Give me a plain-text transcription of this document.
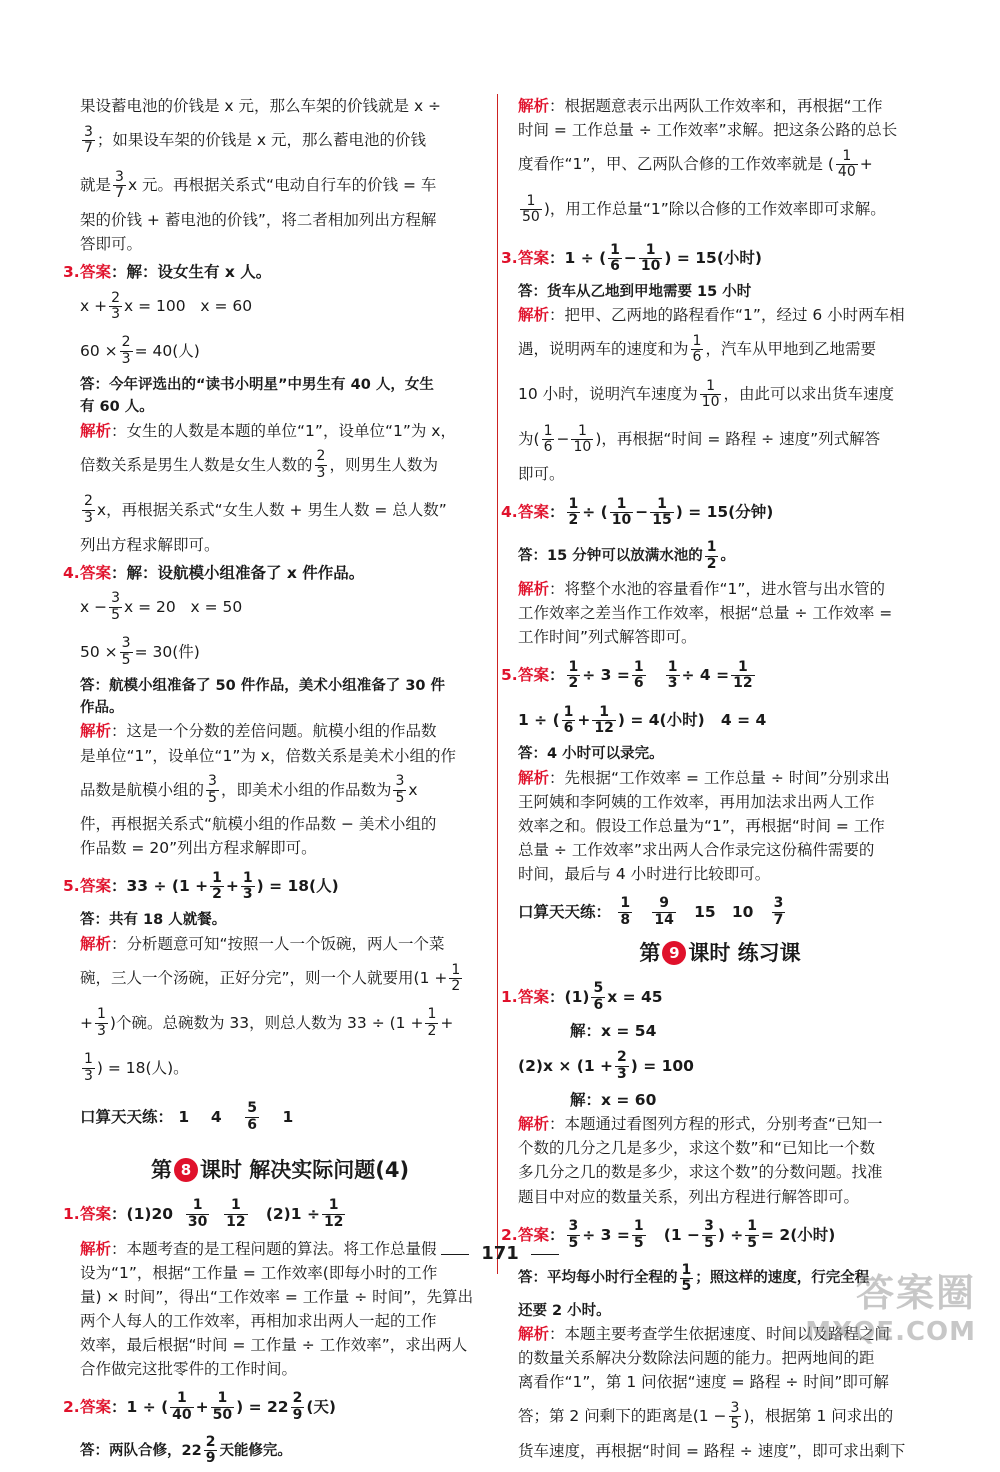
果设蓄电池的价钱是 x 元，那么车架的价钱就是 x ÷
$\frac{3}{7}$ ；如果设车架的价钱是 x 元，那么蓄电池的价钱
就是 $\frac{3}{7}$ x 元。再根据关系式“电动自行车的价钱 = 车
架的价钱 + 蓄电池的价钱”，将二者相加列出方程解
答即可。
3.答案：解：设女生有 x 人。
$x + \frac{2}{3}$ x = 100 x = 60
$60 \times \frac{2}{3} = 40$(人)
答：今年评选出的“读书小明星”中男生有 40 人，女生
有 60 人。
解析：女生的人数是本题的单位“1”，设单位“1”为 x，
倍数关系是男生人数是女生人数的 $\frac{2}{3}$ ，则男生人数为
$\frac{2}{3}$ x，再根据关系式“女生人数 + 男生人数 = 总人数”
列出方程求解即可。
4.答案：解：设航模小组准备了 x 件作品。
$x - \frac{3}{5}$ x = 20 x = 50
$50 \times \frac{3}{5} = 30$(件)
答：航模小组准备了 50 件作品，美术小组准备了 30 件
作品。
解析：这是一个分数的差倍问题。航模小组的作品数
是单位“1”，设单位“1”为 x，倍数关系是美术小组的作
品数是航模小组的 $\frac{3}{5}$ ，即美术小组的作品数为 $\frac{3}{5}$ x
件，再根据关系式“航模小组的作品数 − 美术小组的
作品数 = 20”列出方程求解即可。
5.答案：$33 \div (1 + \frac{1}{2} + \frac{1}{3}$ ) = 18(人)
答：共有 18 人就餐。
解析：分析题意可知“按照一人一个饭碗，两人一个菜
碗，三人一个汤碗，正好分完”，则一个人就要用($1 + \frac{1}{2}$
+ $\frac{1}{3}$ )个碗。总碗数为 33，则总人数为 $33 \div (1 + \frac{1}{2}$ +
$\frac{1}{3}$ ) = 18(人)。
口算天天练： 1 $4 \frac{5}{6} 1$
第 8 课时 解决实际问题(4)
1.答案：$(1)20 \frac{1}{30}$
$\frac{1}{12} (2)1 \div \frac{1}{12}$
解析：本题考查的是工程问题的算法。将工作总量假
设为“1”，根据“工作量 = 工作效率(即每小时的工作
量) × 时间”，得出“工作效率 = 工作量 ÷ 时间”，先算出
两个人每人的工作效率，再相加求出两人一起的工作
效率，最后根据“时间 = 工作量 ÷ 工作效率”，求出两人
合作做完这批零件的工作时间。
2.答案：1 ÷ ( $\frac{1}{40} + \frac{1}{50}$ ) = $22 \frac{2}{9}$ (天)
答：两队合修，$22 \frac{2}{9}$ 天能修完。
解析：根据题意表示出两队工作效率和，再根据“工作
时间 = 工作总量 ÷ 工作效率”求解。把这条公路的总长
度看作“1”，甲、乙两队合修的工作效率就是 ( $\frac{1}{40}$ +
$\frac{1}{50}$ )，用工作总量“1”除以合修的工作效率即可求解。
3.答案：1 ÷ ( $\frac{1}{6} - \frac{1}{10}$ ) = 15(小时)
答：货车从乙地到甲地需要 15 小时
解析：把甲、乙两地的路程看作“1”，经过 6 小时两车相
遇，说明两车的速度和为 $\frac{1}{6}$ ，汽车从甲地到乙地需要
10 小时，说明汽车速度为 $\frac{1}{10}$ ，由此可以求出货车速度
为( $\frac{1}{6} - \frac{1}{10}$ )，再根据“时间 = 路程 ÷ 速度”列式解答
即可。
4.答案： $\frac{1}{2}$ ÷ ( $\frac{1}{10} - \frac{1}{15}$ ) = 15(分钟)
答：15 分钟可以放满水池的 $\frac{1}{2}$ 。
解析：将整个水池的容量看作“1”，进水管与出水管的
工作效率之差当作工作效率，根据“总量 ÷ 工作效率 =
工作时间”列式解答即可。
5.答案： $\frac{1}{2} \div 3 = \frac{1}{6}$
$\frac{1}{3} \div 4 = \frac{1}{12}$
1 ÷ ( $\frac{1}{6} + \frac{1}{12}$ ) = 4(小时) 4 = 4
答：4 小时可以录完。
解析：先根据“工作效率 = 工作总量 ÷ 时间”分别求出
王阿姨和李阿姨的工作效率，再用加法求出两人工作
效率之和。假设工作总量为“1”，再根据“时间 = 工作
总量 ÷ 工作效率”求出两人合作录完这份稿件需要的
时间，最后与 4 小时进行比较即可。
口算天天练： $\frac{1}{8}$
$\frac{9}{14} 15$ $10 \frac{3}{7}$
第 9 课时 练习课
1.答案：$(1) \frac{5}{6}$ x = 45
解：x = 54
$(2)x \times (1 + \frac{2}{3}$ ) = 100
解：x = 60
解析：本题通过看图列方程的形式，分别考查“已知一
个数的几分之几是多少，求这个数”和“已知比一个数
多几分之几的数是多少，求这个数”的分数问题。找准
题目中对应的数量关系，列出方程进行解答即可。
2.答案： $\frac{3}{5} \div 3 = \frac{1}{5} (1 - \frac{3}{5}$ ) ÷ $\frac{1}{5} = 2$(小时)
答：平均每小时行全程的 $\frac{1}{5}$ ；照这样的速度，行完全程
还要 2 小时。
解析：本题主要考查学生依据速度、时间以及路程之间
的数量关系解决分数除法问题的能力。把两地间的距
离看作“1”，第 1 问依据“速度 = 路程 ÷ 时间”即可解
答；第 2 问剩下的距离是($1 - \frac{3}{5}$ )，根据第 1 问求出的
货车速度，再根据“时间 = 路程 ÷ 速度”，即可求出剩下
171
答案圈
MXQE.COM
